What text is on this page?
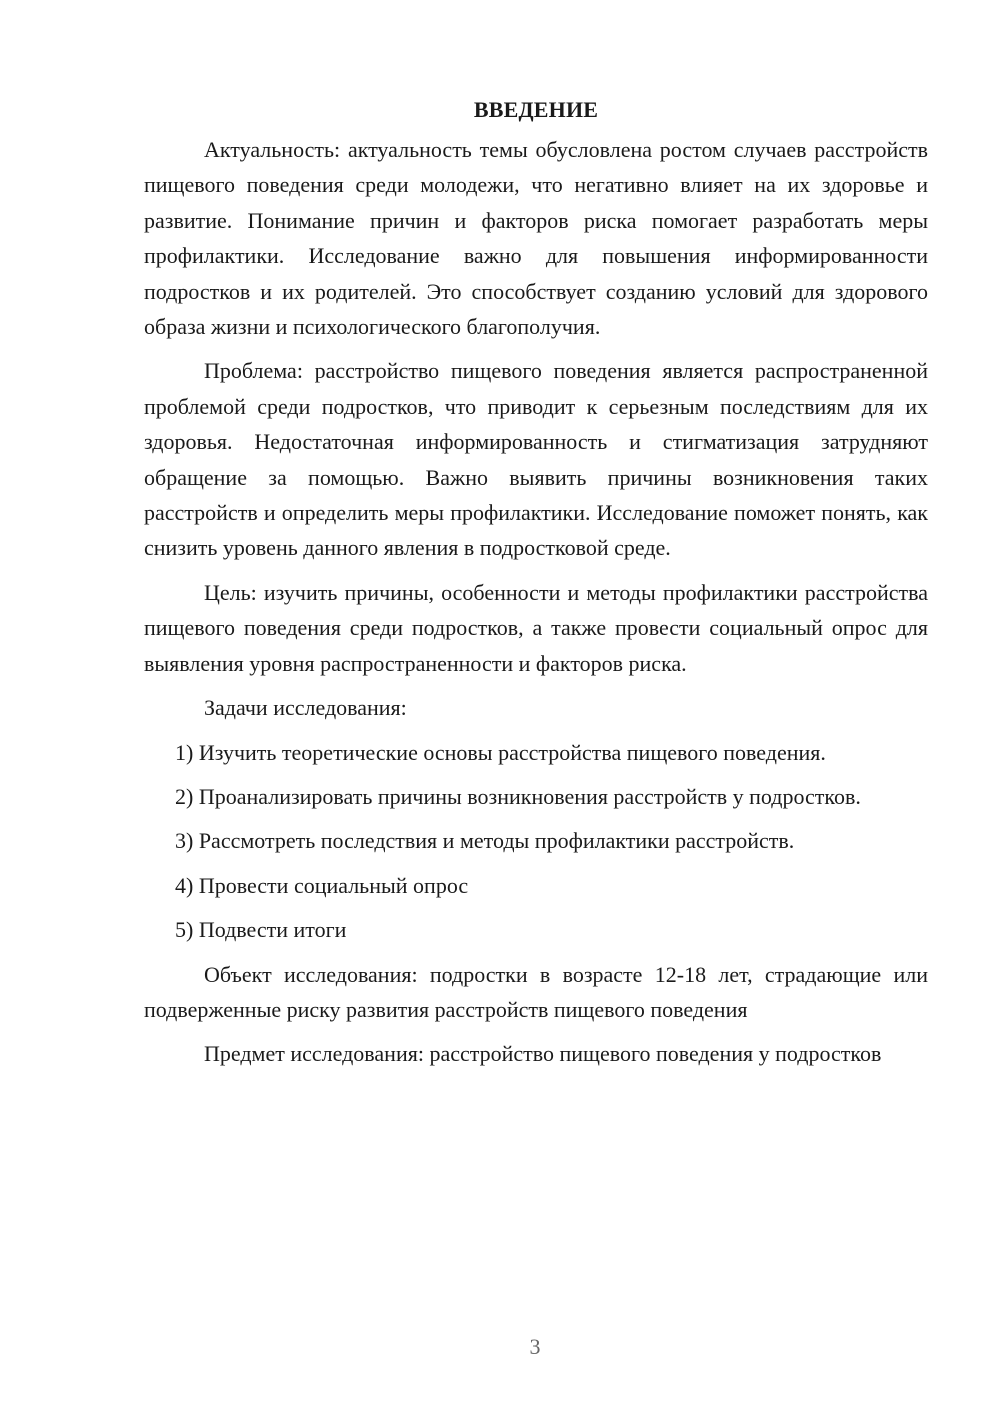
ВВЕДЕНИЕ

Актуальность: актуальность темы обусловлена ростом случаев расстройств пищевого поведения среди молодежи, что негативно влияет на их здоровье и развитие. Понимание причин и факторов риска помогает разработать меры профилактики. Исследование важно для повышения информированности подростков и их родителей. Это способствует созданию условий для здорового образа жизни и психологического благополучия.

Проблема: расстройство пищевого поведения является распространенной проблемой среди подростков, что приводит к серьезным последствиям для их здоровья. Недостаточная информированность и стигматизация затрудняют обращение за помощью. Важно выявить причины возникновения таких расстройств и определить меры профилактики. Исследование поможет понять, как снизить уровень данного явления в подростковой среде.

Цель: изучить причины, особенности и методы профилактики расстройства пищевого поведения среди подростков, а также провести социальный опрос для выявления уровня распространенности и факторов риска.

Задачи исследования:

1) Изучить теоретические основы расстройства пищевого поведения.

2) Проанализировать причины возникновения расстройств у подростков.

3) Рассмотреть последствия и методы профилактики расстройств.

4) Провести социальный опрос

5) Подвести итоги

Объект исследования: подростки в возрасте 12-18 лет, страдающие или подверженные риску развития расстройств пищевого поведения

Предмет исследования: расстройство пищевого поведения у подростков

3
